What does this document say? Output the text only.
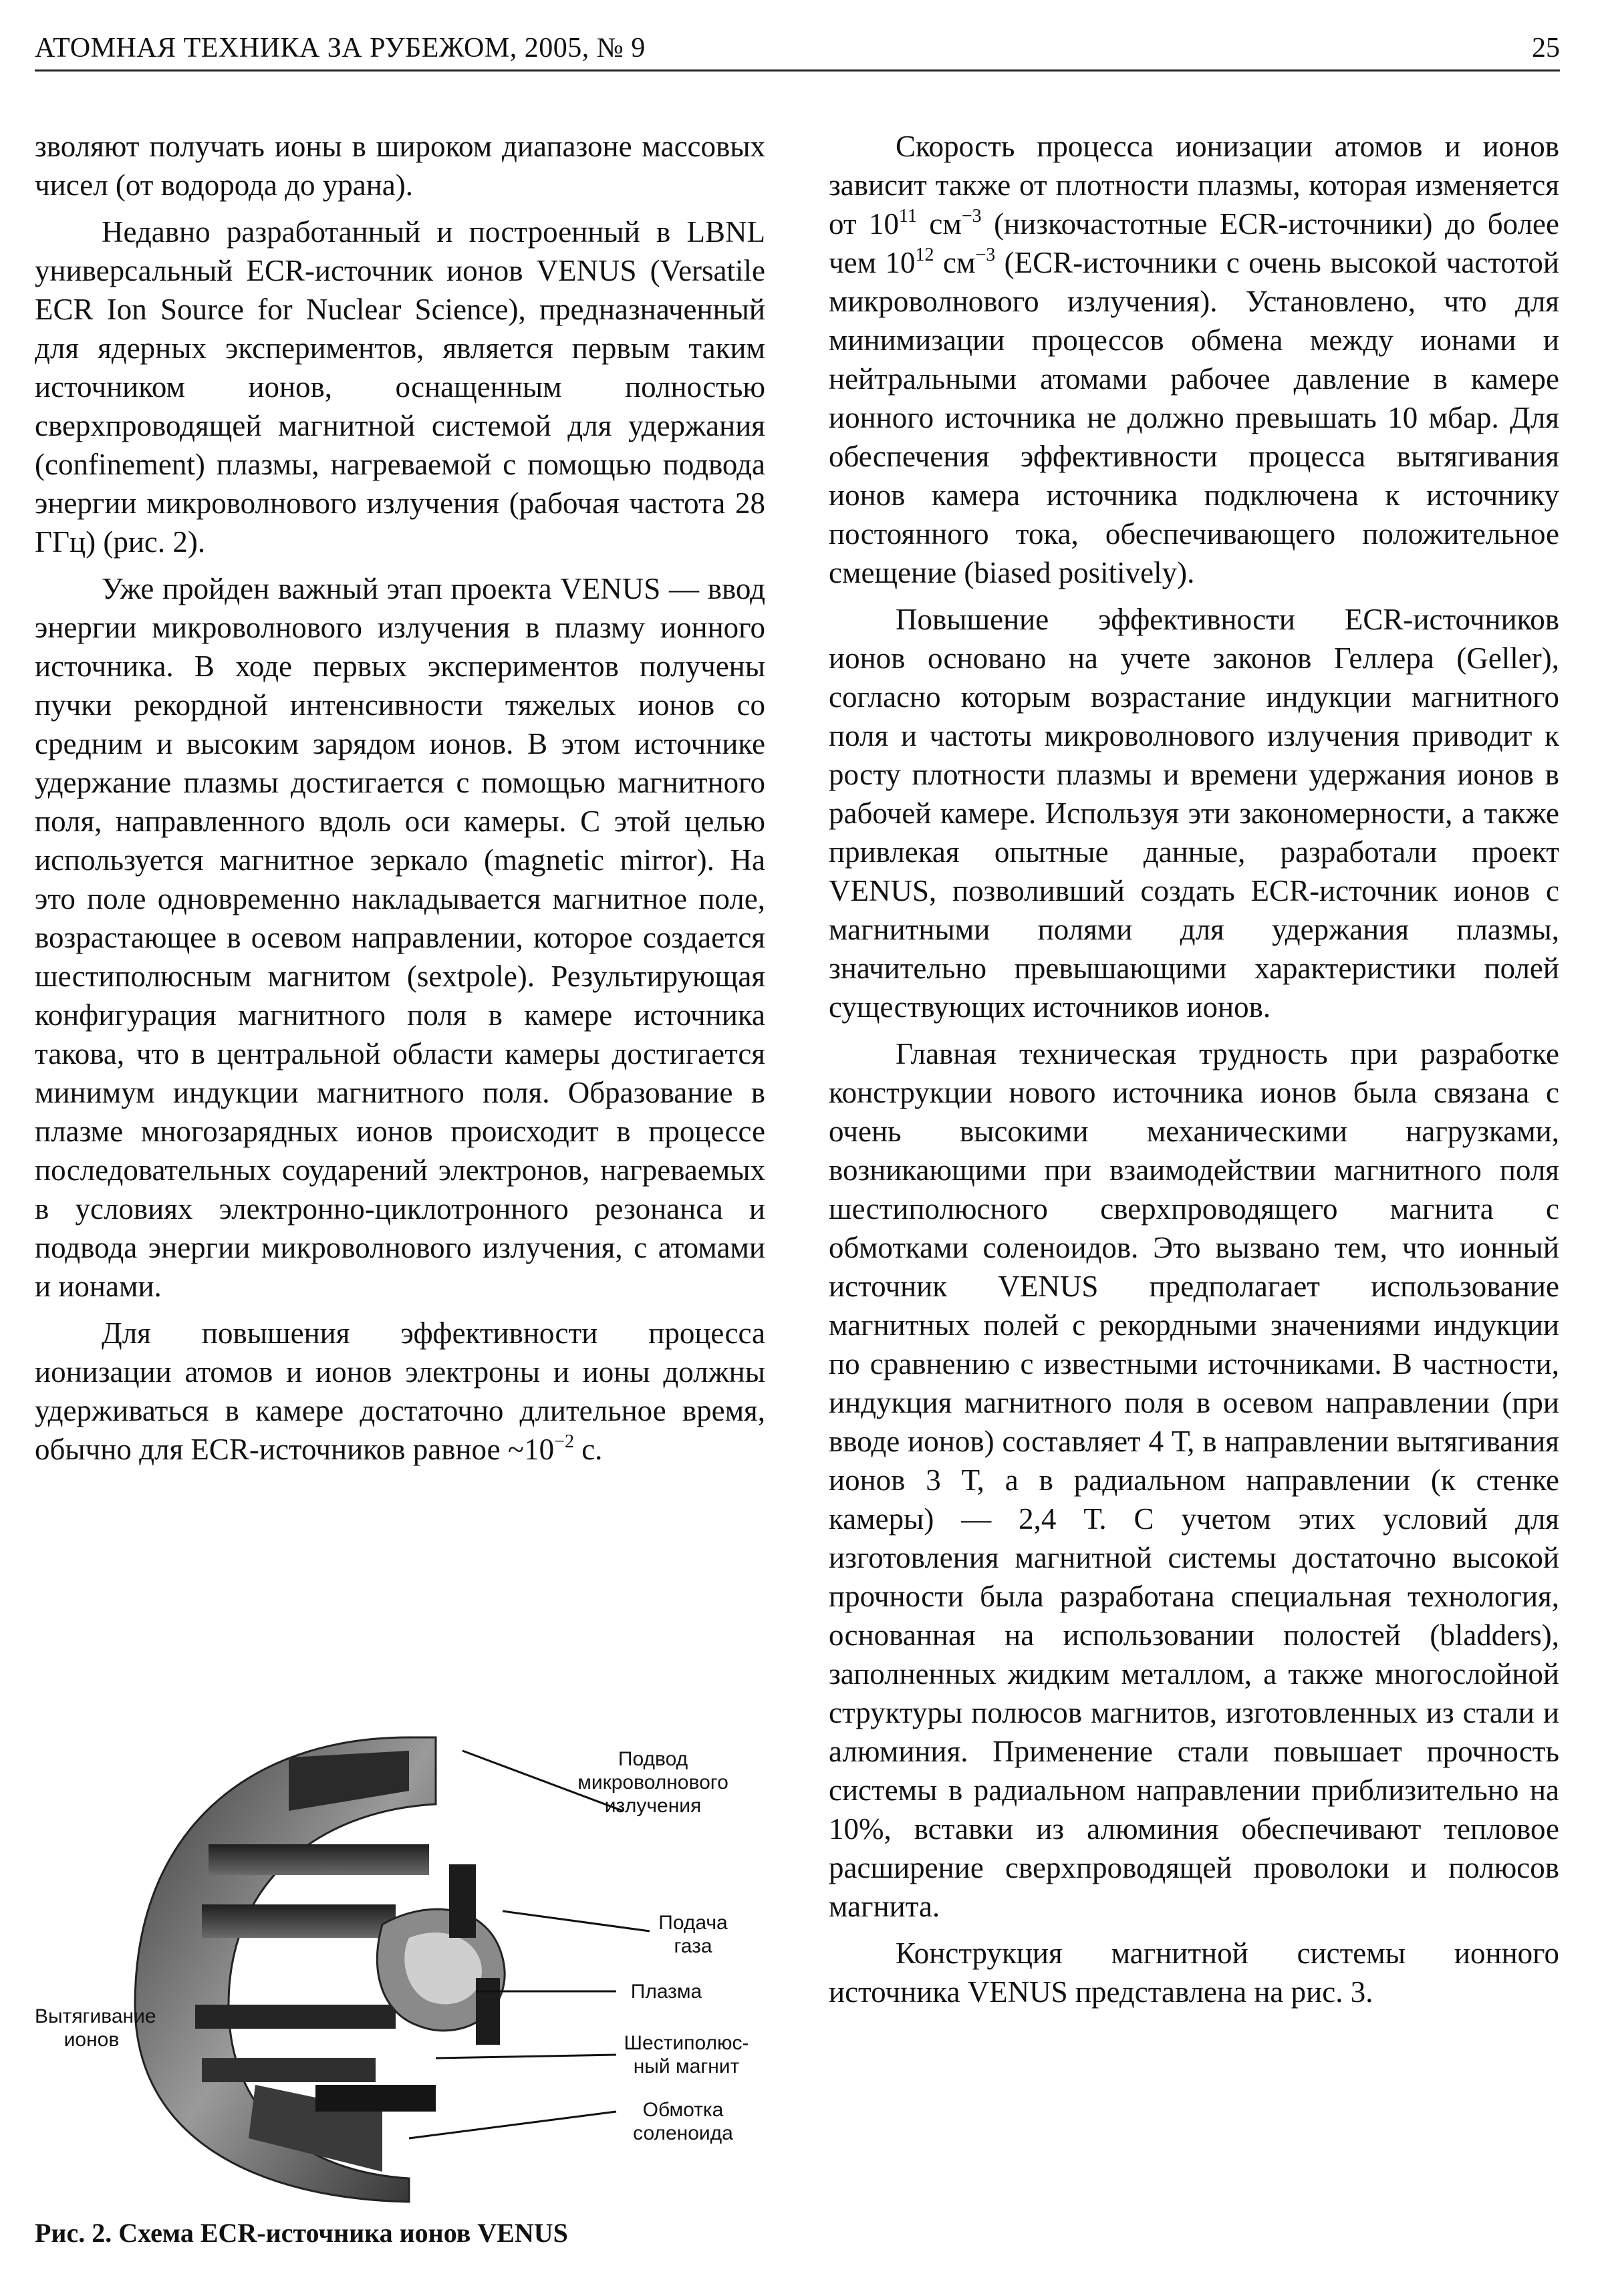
АТОМНАЯ ТЕХНИКА ЗА РУБЕЖОМ, 2005, № 9	25

зволяют получать ионы в широком диапазоне массовых чисел (от водорода до урана).

Недавно разработанный и построенный в LBNL универсальный ECR-источник ионов VENUS (Versatile ECR Ion Source for Nuclear Science), предназначенный для ядерных экспериментов, является первым таким источником ионов, оснащенным полностью сверхпроводящей магнитной системой для удержания (confinement) плазмы, нагреваемой с помощью подвода энергии микроволнового излучения (рабочая частота 28 ГГц) (рис. 2).

Уже пройден важный этап проекта VENUS — ввод энергии микроволнового излучения в плазму ионного источника. В ходе первых экспериментов получены пучки рекордной интенсивности тяжелых ионов со средним и высоким зарядом ионов. В этом источнике удержание плазмы достигается с помощью магнитного поля, направленного вдоль оси камеры. С этой целью используется магнитное зеркало (magnetic mirror). На это поле одновременно накладывается магнитное поле, возрастающее в осевом направлении, которое создается шестиполюсным магнитом (sextpole). Результирующая конфигурация магнитного поля в камере источника такова, что в центральной области камеры достигается минимум индукции магнитного поля. Образование в плазме многозарядных ионов происходит в процессе последовательных соударений электронов, нагреваемых в условиях электронно-циклотронного резонанса и подвода энергии микроволнового излучения, с атомами и ионами.

Для повышения эффективности процесса ионизации атомов и ионов электроны и ионы должны удерживаться в камере достаточно длительное время, обычно для ECR-источников равное $\sim 10^{-2}$ с.

Скорость процесса ионизации атомов и ионов зависит также от плотности плазмы, которая изменяется от $10^{11}$ $см^{-3}$ (низкочастотные ECR-источники) до более чем $10^{12}$ $см^{-3}$ (ECR-источники с очень высокой частотой микроволнового излучения). Установлено, что для минимизации процессов обмена между ионами и нейтральными атомами рабочее давление в камере ионного источника не должно превышать 10 мбар. Для обеспечения эффективности процесса вытягивания ионов камера источника подключена к источнику постоянного тока, обеспечивающего положительное смещение (biased positively).

Повышение эффективности ECR-источников ионов основано на учете законов Геллера (Geller), согласно которым возрастание индукции магнитного поля и частоты микроволнового излучения приводит к росту плотности плазмы и времени удержания ионов в рабочей камере. Используя эти закономерности, а также привлекая опытные данные, разработали проект VENUS, позволивший создать ECR-источник ионов с магнитными полями для удержания плазмы, значительно превышающими характеристики полей существующих источников ионов.

Главная техническая трудность при разработке конструкции нового источника ионов была связана с очень высокими механическими нагрузками, возникающими при взаимодействии магнитного поля шестиполюсного сверхпроводящего магнита с обмотками соленоидов. Это вызвано тем, что ионный источник VENUS предполагает использование магнитных полей с рекордными значениями индукции по сравнению с известными источниками. В частности, индукция магнитного поля в осевом направлении (при вводе ионов) составляет 4 Т, в направлении вытягивания ионов 3 Т, а в радиальном направлении (к стенке камеры) — 2,4 Т. С учетом этих условий для изготовления магнитной системы достаточно высокой прочности была разработана специальная технология, основанная на использовании полостей (bladders), заполненных жидким металлом, а также многослойной структуры полюсов магнитов, изготовленных из стали и алюминия. Применение стали повышает прочность системы в радиальном направлении приблизительно на 10%, вставки из алюминия обеспечивают тепловое расширение сверхпроводящей проволоки и полюсов магнита.

Конструкция магнитной системы ионного источника VENUS представлена на рис. 3.

Подвод микроволнового излучения
Подача газа
Вытягивание ионов
Плазма
Шестиполюс-ный магнит
Обмотка соленоида
Рис. 2. Схема ECR-источника ионов VENUS
